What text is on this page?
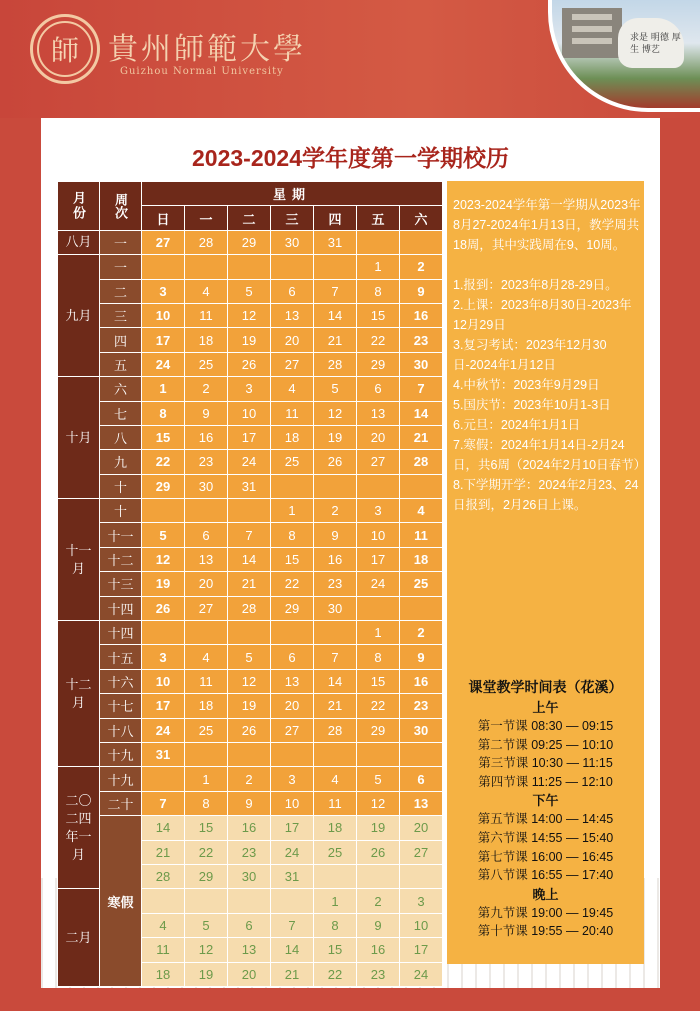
師 貴州師範大學
Guizhou Normal University
求是 明德 厚生 博艺
2023-2024学年度第一学期校历
月份	周次	星期						
		日	一	二	三	四	五	六
八月	一	27	28	29	30	31		
九月	一						1	2
	二	3	4	5	6	7	8	9
	三	10	11	12	13	14	15	16
	四	17	18	19	20	21	22	23
	五	24	25	26	27	28	29	30
十月	六	1	2	3	4	5	6	7
	七	8	9	10	11	12	13	14
	八	15	16	17	18	19	20	21
	九	22	23	24	25	26	27	28
	十	29	30	31				
十一月	十				1	2	3	4
	十一	5	6	7	8	9	10	11
	十二	12	13	14	15	16	17	18
	十三	19	20	21	22	23	24	25
	十四	26	27	28	29	30		
十二月	十四						1	2
	十五	3	4	5	6	7	8	9
	十六	10	11	12	13	14	15	16
	十七	17	18	19	20	21	22	23
	十八	24	25	26	27	28	29	30
	十九	31						
二〇二四年一月	十九		1	2	3	4	5	6
	二十	7	8	9	10	11	12	13
	寒假	14	15	16	17	18	19	20
		21	22	23	24	25	26	27
		28	29	30	31			
二月						1	2	3
		4	5	6	7	8	9	10
		11	12	13	14	15	16	17
		18	19	20	21	22	23	24

2023-2024学年第一学期从2023年8月27-2024年1月13日，教学周共18周，其中实践周在9、10周。

1.报到：2023年8月28-29日。

2.上课：2023年8月30日-2023年12月29日

3.复习考试：2023年12月30日-2024年1月12日

4.中秋节：2023年9月29日

5.国庆节：2023年10月1-3日

6.元旦：2024年1月1日

7.寒假：2024年1月14日-2月24日，共6周（2024年2月10日春节）

8.下学期开学：2024年2月23、24日报到，2月26日上课。

课堂教学时间表（花溪）
上午
第一节课 08:30 — 09:15
第二节课 09:25 — 10:10
第三节课 10:30 — 11:15
第四节课 11:25 — 12:10
下午
第五节课 14:00 — 14:45
第六节课 14:55 — 15:40
第七节课 16:00 — 16:45
第八节课 16:55 — 17:40
晚上
第九节课 19:00 — 19:45
第十节课 19:55 — 20:40
